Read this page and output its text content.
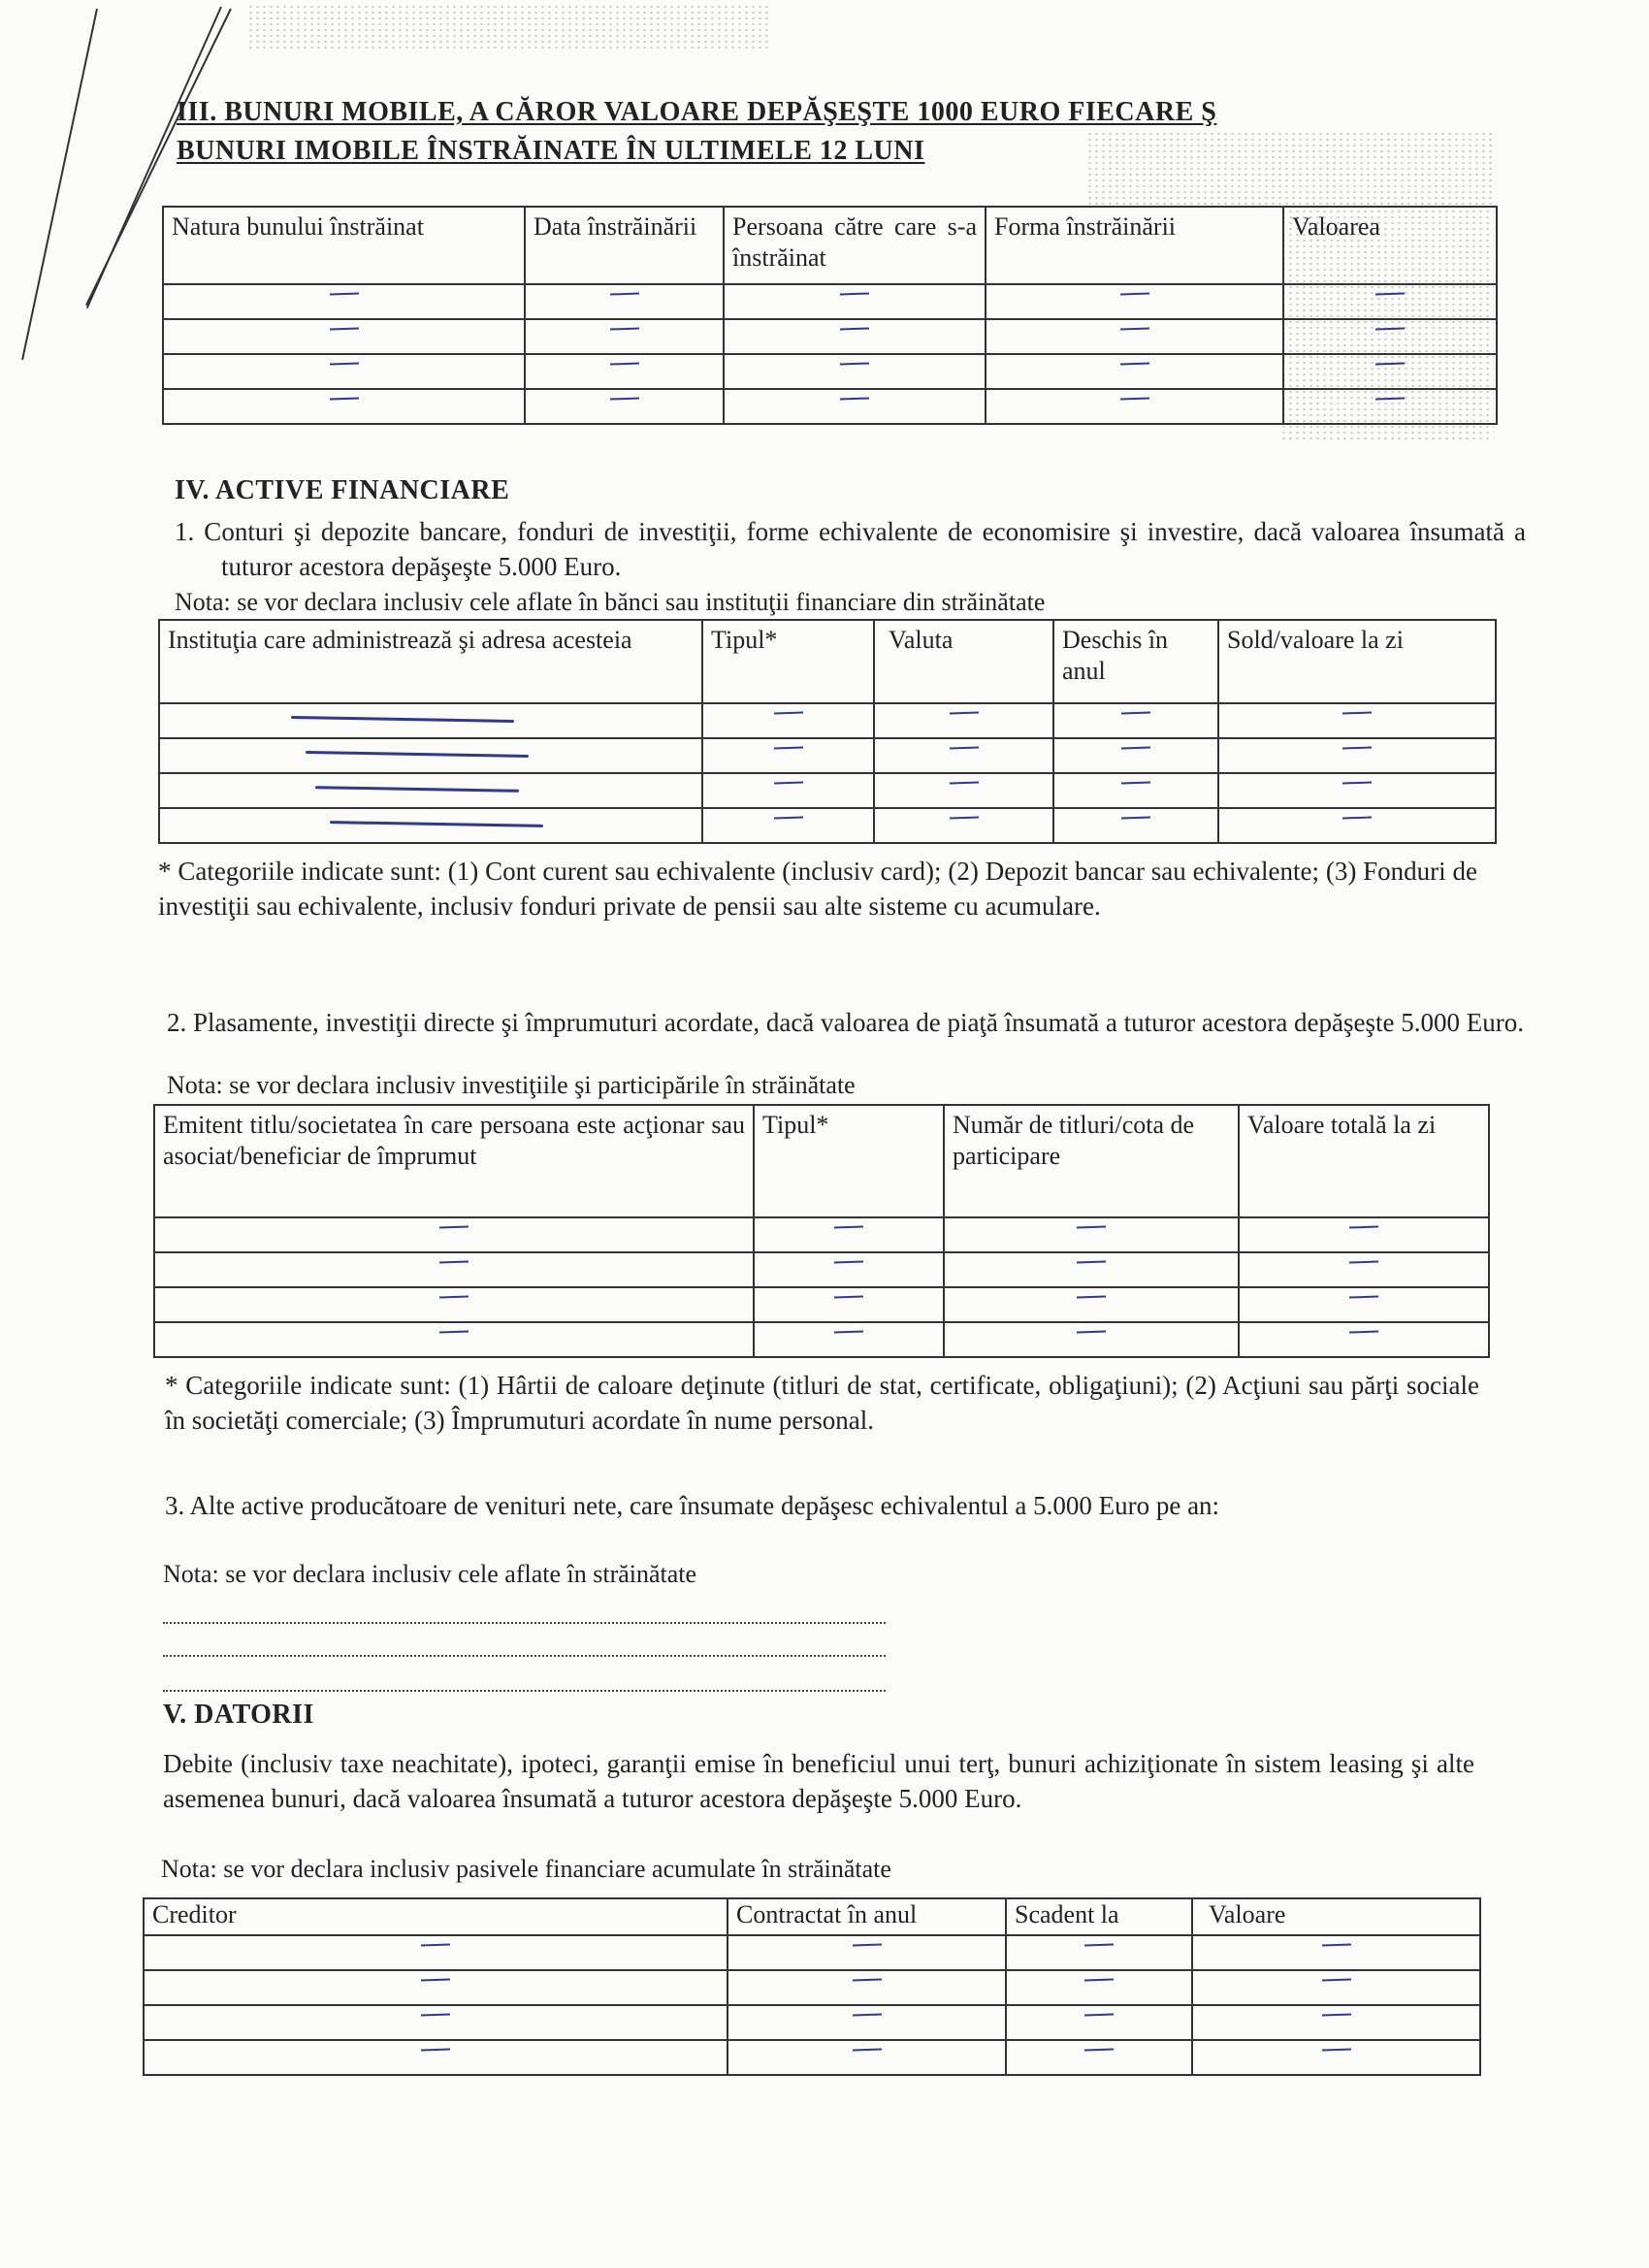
III. BUNURI MOBILE, A CĂROR VALOARE DEPĂŞEŞTE 1000 EURO FIECARE Ş
BUNURI IMOBILE ÎNSTRĂINATE ÎN ULTIMELE 12 LUNI
Natura bunului înstrăinat	Data înstrăinării	Persoana către care s-a înstrăinat	Forma înstrăinării	Valoarea

IV. ACTIVE FINANCIARE
1. Conturi şi depozite bancare, fonduri de investiţii, forme echivalente de economisire şi investire, dacă valoarea însumată a tuturor acestora depăşeşte 5.000 Euro.
Nota: se vor declara inclusiv cele aflate în bănci sau instituţii financiare din străinătate
Instituţia care administrează şi adresa acesteia	Tipul*	Valuta	Deschis în anul	Sold/valoare la zi

* Categoriile indicate sunt: (1) Cont curent sau echivalente (inclusiv card); (2) Depozit bancar sau echivalente; (3) Fonduri de investiţii sau echivalente, inclusiv fonduri private de pensii sau alte sisteme cu acumulare.
2. Plasamente, investiţii directe şi împrumuturi acordate, dacă valoarea de piaţă însumată a tuturor acestora depăşeşte 5.000 Euro.
Nota: se vor declara inclusiv investiţiile şi participările în străinătate
Emitent titlu/societatea în care persoana este acţionar sau asociat/beneficiar de împrumut	Tipul*	Număr de titluri/cota de participare	Valoare totală la zi

* Categoriile indicate sunt: (1) Hârtii de caloare deţinute (titluri de stat, certificate, obligaţiuni); (2) Acţiuni sau părţi sociale în societăţi comerciale; (3) Împrumuturi acordate în nume personal.
3. Alte active producătoare de venituri nete, care însumate depăşesc echivalentul a 5.000 Euro pe an:
Nota: se vor declara inclusiv cele aflate în străinătate
V. DATORII
Debite (inclusiv taxe neachitate), ipoteci, garanţii emise în beneficiul unui terţ, bunuri achiziţionate în sistem leasing şi alte asemenea bunuri, dacă valoarea însumată a tuturor acestora depăşeşte 5.000 Euro.
Nota: se vor declara inclusiv pasivele financiare acumulate în străinătate
Creditor	Contractat în anul	Scadent la	Valoare
